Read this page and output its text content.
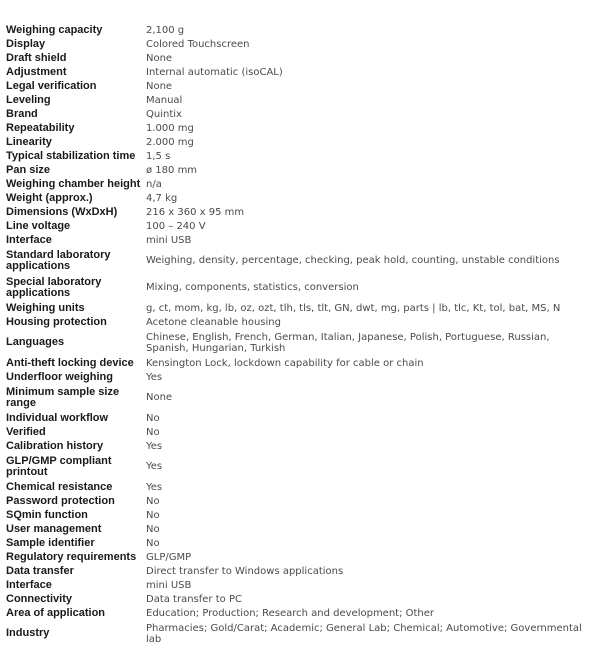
Weighing capacity	2,100 g
Display	Colored Touchscreen
Draft shield	None
Adjustment	Internal automatic (isoCAL)
Legal verification	None
Leveling	Manual
Brand	Quintix
Repeatability	1.000 mg
Linearity	2.000 mg
Typical stabilization time	1,5 s
Pan size	ø 180 mm
Weighing chamber height	n/a
Weight (approx.)	4,7 kg
Dimensions (WxDxH)	216 x 360 x 95 mm
Line voltage	100 – 240 V
Interface	mini USB
Standard laboratory applications	Weighing, density, percentage, checking, peak hold, counting, unstable conditions
Special laboratory applications	Mixing, components, statistics, conversion
Weighing units	g, ct, mom, kg, lb, oz, ozt, tlh, tls, tlt, GN, dwt, mg, parts | lb, tlc, Kt, tol, bat, MS, N
Housing protection	Acetone cleanable housing
Languages	Chinese, English, French, German, Italian, Japanese, Polish, Portuguese, Russian, Spanish, Hungarian, Turkish
Anti-theft locking device	Kensington Lock, lockdown capability for cable or chain
Underfloor weighing	Yes
Minimum sample size range	None
Individual workflow	No
Verified	No
Calibration history	Yes
GLP/GMP compliant printout	Yes
Chemical resistance	Yes
Password protection	No
SQmin function	No
User management	No
Sample identifier	No
Regulatory requirements	GLP/GMP
Data transfer	Direct transfer to Windows applications
Interface	mini USB
Connectivity	Data transfer to PC
Area of application	Education; Production; Research and development; Other
Industry	Pharmacies; Gold/Carat; Academic; General Lab; Chemical; Automotive; Governmental lab
